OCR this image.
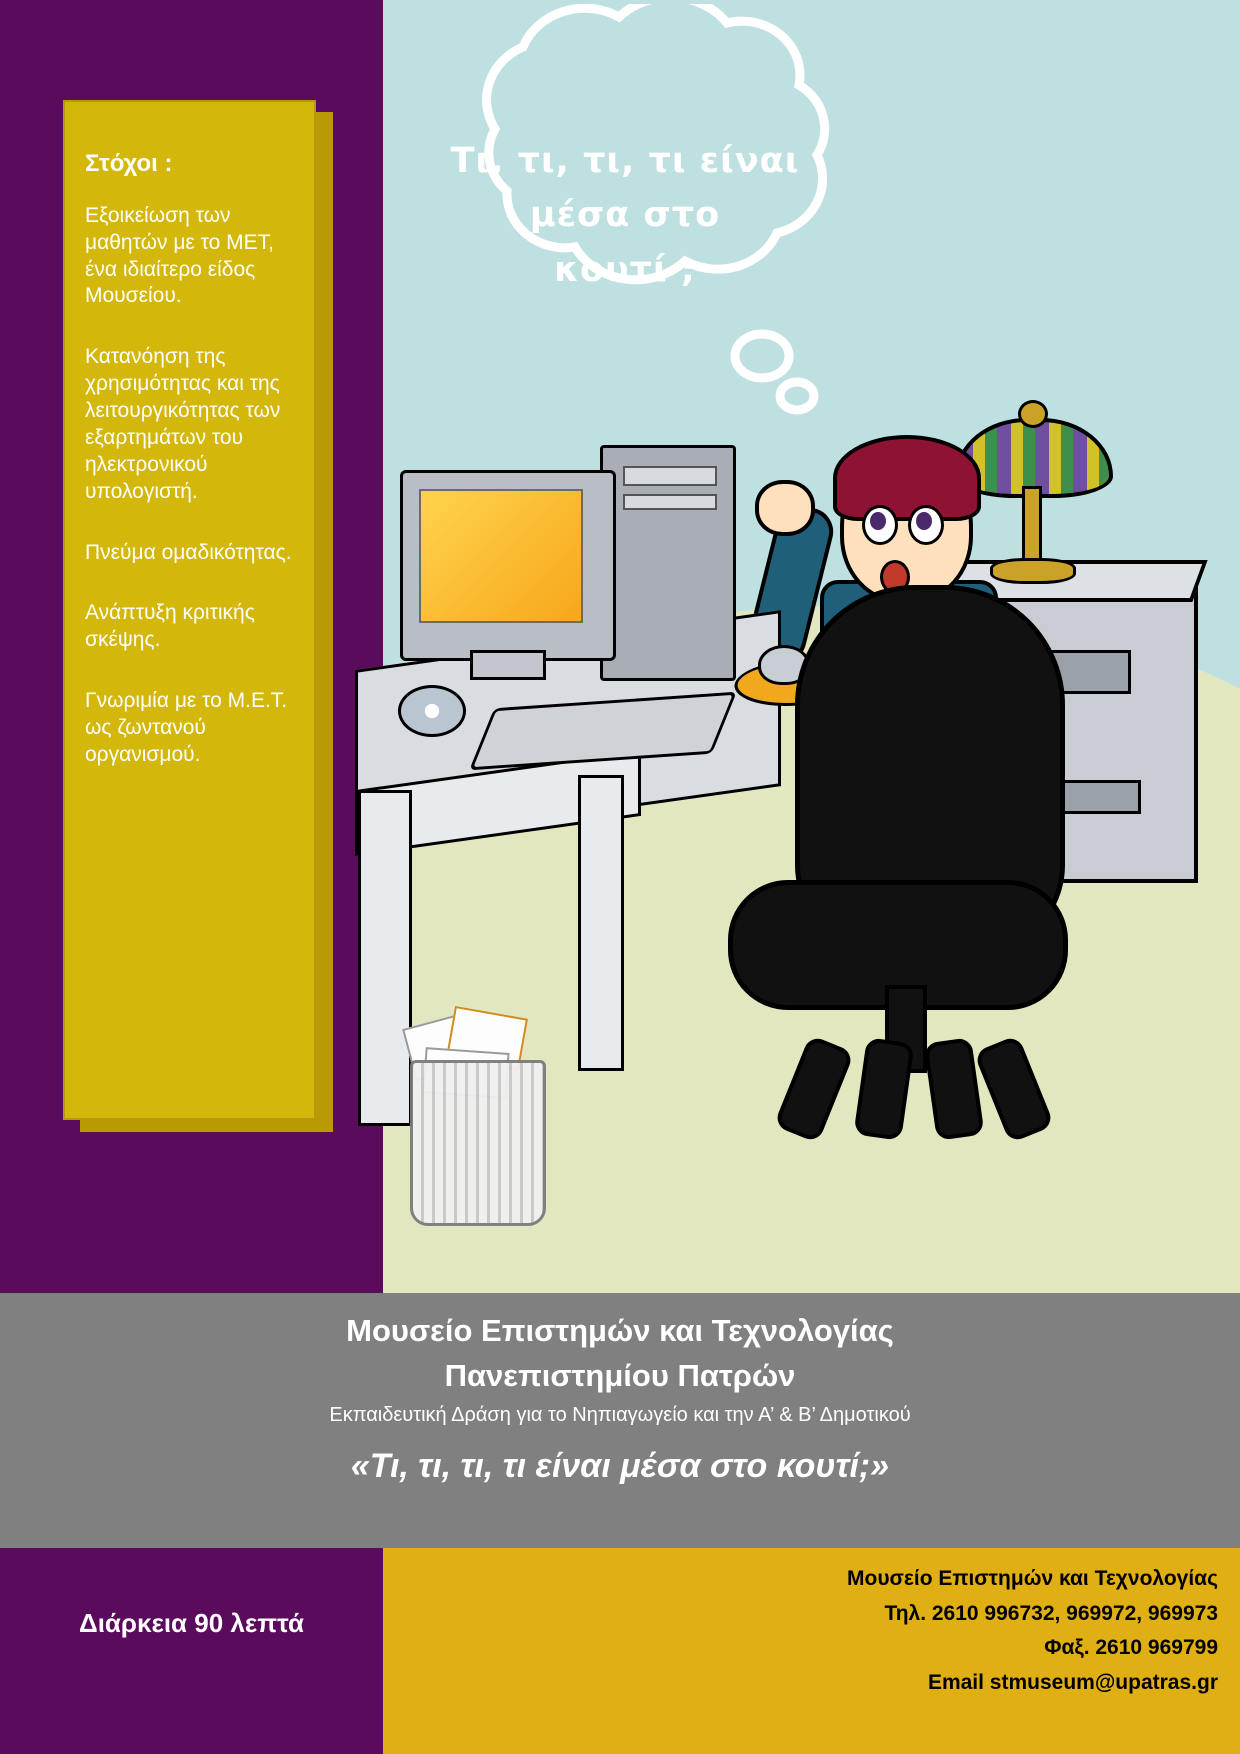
Τι, τι, τι, τι είναι
μέσα στο
κουτί ;

Στόχοι :

Εξοικείωση των μαθητών με το ΜΕΤ, ένα ιδιαίτερο είδος Μουσείου.

Κατανόηση της χρησιμότητας και της λειτουργικότητας των εξαρτημάτων του ηλεκτρονικού υπολογιστή.

Πνεύμα ομαδικότητας.

Ανάπτυξη κριτικής σκέψης.

Γνωριμία με το Μ.Ε.Τ. ως ζωντανού οργανισμού.

Μουσείο Επιστημών και Τεχνολογίας
Πανεπιστημίου Πατρών
Εκπαιδευτική Δράση για το Νηπιαγωγείο και την Α’ & Β’ Δημοτικού
«Τι, τι, τι, τι είναι μέσα στο κουτί;»
Διάρκεια 90 λεπτά
Μουσείο Επιστημών και Τεχνολογίας
Τηλ. 2610 996732, 969972, 969973
Φαξ. 2610 969799
Email stmuseum@upatras.gr
